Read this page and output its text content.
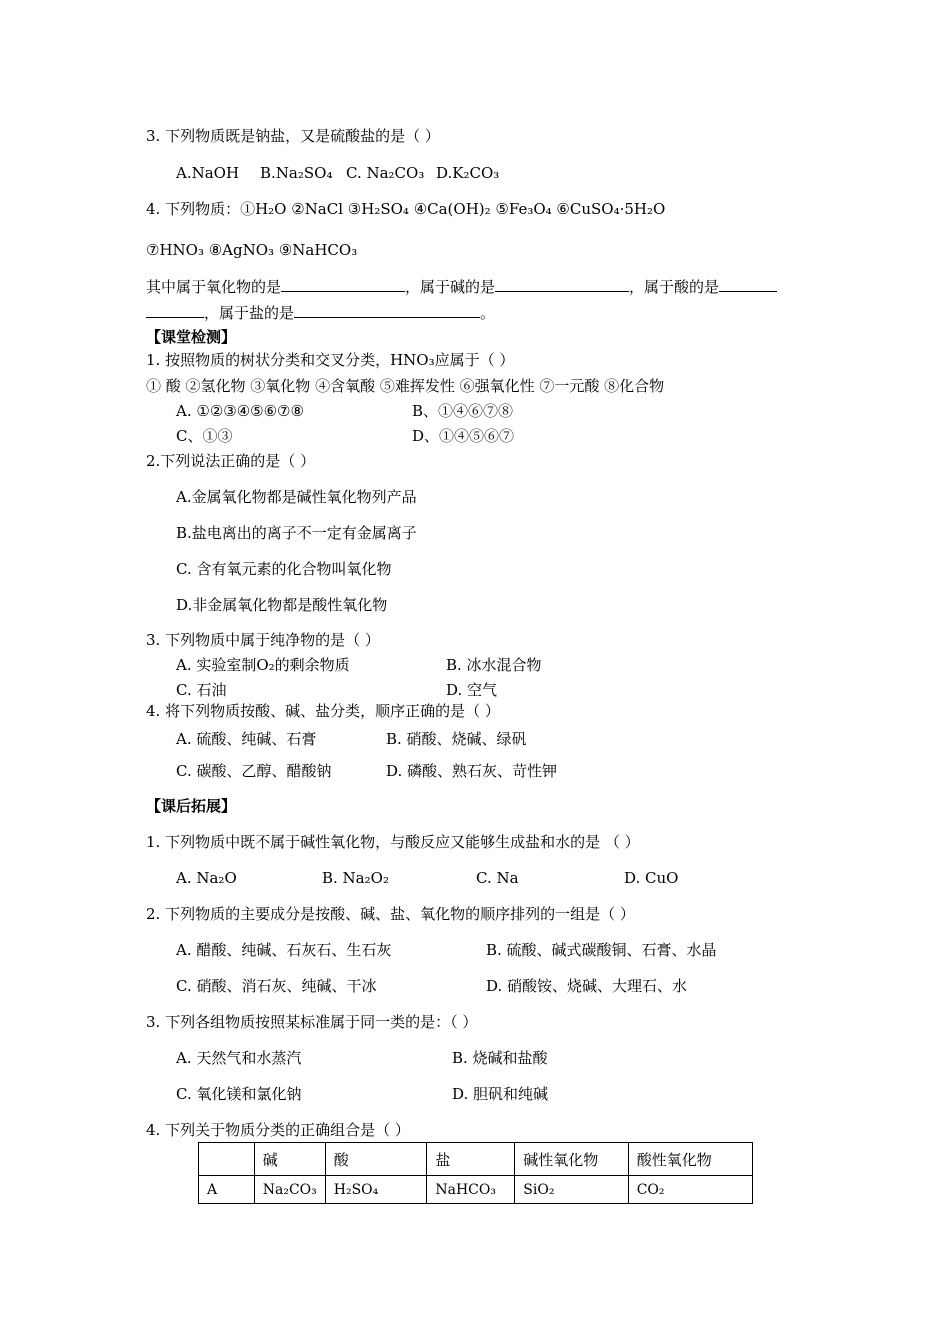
3. 下列物质既是钠盐，又是硫酸盐的是（ ）
A.NaOH B.Na₂SO₄ C. Na₂CO₃ D.K₂CO₃
4. 下列物质：①H₂O ②NaCl ③H₂SO₄ ④Ca(OH)₂ ⑤Fe₃O₄ ⑥CuSO₄·5H₂O
⑦HNO₃ ⑧AgNO₃ ⑨NaHCO₃
其中属于氧化物的是	，属于碱的是	，属于酸的是
，属于盐的是	。
【课堂检测】
1. 按照物质的树状分类和交叉分类，HNO₃应属于（ ）
① 酸 ②氢化物 ③氧化物 ④含氧酸 ⑤难挥发性 ⑥强氧化性 ⑦一元酸 ⑧化合物
A. ①②③④⑤⑥⑦⑧	B、①④⑥⑦⑧
C、①③	D、①④⑤⑥⑦
2.下列说法正确的是（ ）
A.金属氧化物都是碱性氧化物列产品
B.盐电离出的离子不一定有金属离子
C. 含有氧元素的化合物叫氧化物
D.非金属氧化物都是酸性氧化物
3. 下列物质中属于纯净物的是（ ）
A. 实验室制O₂的剩余物质	B. 冰水混合物
C. 石油	D. 空气
4. 将下列物质按酸、碱、盐分类，顺序正确的是（ ）
A. 硫酸、纯碱、石膏	B. 硝酸、烧碱、绿矾
C. 碳酸、乙醇、醋酸钠	D. 磷酸、熟石灰、苛性钾
【课后拓展】
1. 下列物质中既不属于碱性氧化物，与酸反应又能够生成盐和水的是 （ ）
A. Na₂O	B. Na₂O₂	C. Na	D. CuO
2. 下列物质的主要成分是按酸、碱、盐、氧化物的顺序排列的一组是（ ）
A. 醋酸、纯碱、石灰石、生石灰	B. 硫酸、碱式碳酸铜、石膏、水晶
C. 硝酸、消石灰、纯碱、干冰	D. 硝酸铵、烧碱、大理石、水
3. 下列各组物质按照某标准属于同一类的是：（ ）
A. 天然气和水蒸汽	B. 烧碱和盐酸
C. 氧化镁和氯化钠	D. 胆矾和纯碱
4. 下列关于物质分类的正确组合是（ ）
	碱	酸	盐	碱性氧化物	酸性氧化物
A	Na₂CO₃	H₂SO₄	NaHCO₃	SiO₂	CO₂
